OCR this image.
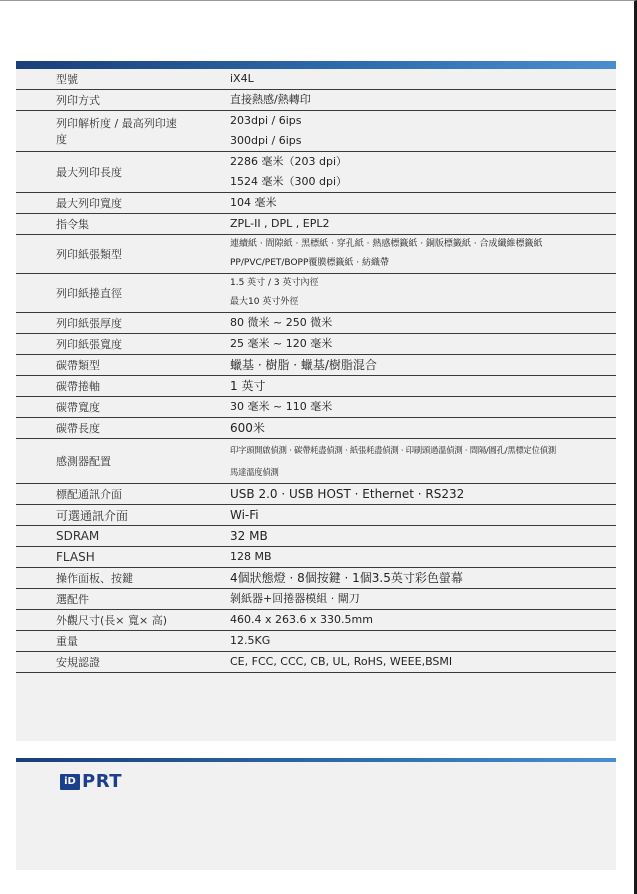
型號	iX4L

列印方式	直接熱感/熱轉印

列印解析度 / 最高列印速度	203dpi / 6ips
300dpi / 6ips

最大列印長度	2286 毫米（203 dpi）
1524 毫米（300 dpi）

最大列印寬度	104 毫米

指令集	ZPL-II , DPL , EPL2

列印紙張類型	連續紙 · 間隙紙 · 黑標紙 · 穿孔紙 · 熱感標籤紙 · 銅版標籤紙 · 合成纖維標籤紙
PP/PVC/PET/BOPP覆膜標籤紙 · 紡織帶

列印紙捲直徑	1.5 英寸 / 3 英寸內徑
最大10 英寸外徑

列印紙張厚度	80 微米 ~ 250 微米

列印紙張寬度	25 毫米 ~ 120 毫米

碳帶類型	蠟基 · 樹脂 · 蠟基/樹脂混合

碳帶捲軸	1 英寸

碳帶寬度	30 毫米 ~ 110 毫米

碳帶長度	600米

感測器配置	印字頭開啟偵測 · 碳帶耗盡偵測 · 紙張耗盡偵測 · 印刷頭過溫偵測 · 間隔/圓孔/黑標定位偵測
馬達溫度偵測

標配通訊介面	USB 2.0 · USB HOST · Ethernet · RS232

可選通訊介面	Wi-Fi

SDRAM	32 MB

FLASH	128 MB

操作面板、按鍵	4個狀態燈 · 8個按鍵 · 1個3.5英寸彩色螢幕

選配件	剝紙器+回捲器模組 · 閘刀

外觀尺寸(長× 寬× 高)	460.4 x 263.6 x 330.5mm

重量	12.5KG

安規認證	CE, FCC, CCC, CB, UL, RoHS, WEEE,BSMI
iD PRT
